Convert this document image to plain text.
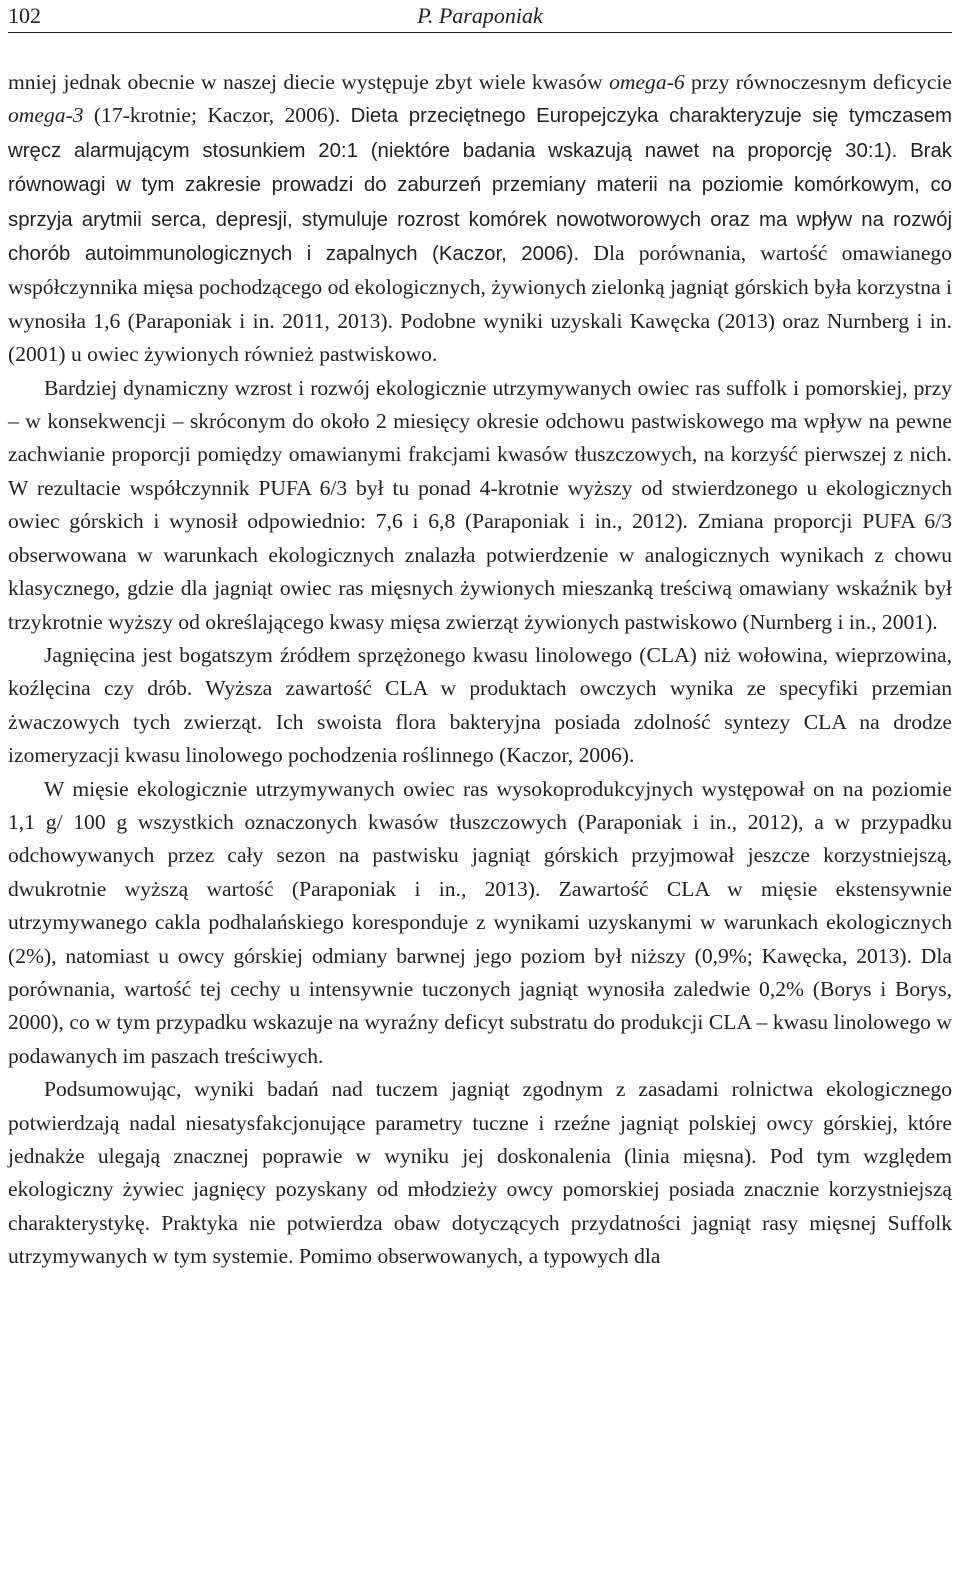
102	P. Paraponiak

mniej jednak obecnie w naszej diecie występuje zbyt wiele kwasów omega-6 przy równoczesnym deficycie omega-3 (17-krotnie; Kaczor, 2006). Dieta przeciętnego Europejczyka charakteryzuje się tymczasem wręcz alarmującym stosunkiem 20:1 (niektóre badania wskazują nawet na proporcję 30:1). Brak równowagi w tym zakresie prowadzi do zaburzeń przemiany materii na poziomie komórkowym, co sprzyja arytmii serca, depresji, stymuluje rozrost komórek nowotworowych oraz ma wpływ na rozwój chorób autoimmunologicznych i zapalnych (Kaczor, 2006). Dla porównania, wartość omawianego współczynnika mięsa pochodzącego od ekologicznych, żywionych zielonką jagniąt górskich była korzystna i wynosiła 1,6 (Paraponiak i in. 2011, 2013). Podobne wyniki uzyskali Kawęcka (2013) oraz Nurnberg i in. (2001) u owiec żywionych również pastwiskowo.

Bardziej dynamiczny wzrost i rozwój ekologicznie utrzymywanych owiec ras suffolk i pomorskiej, przy – w konsekwencji – skróconym do około 2 miesięcy okresie odchowu pastwiskowego ma wpływ na pewne zachwianie proporcji pomiędzy omawianymi frakcjami kwasów tłuszczowych, na korzyść pierwszej z nich. W rezultacie współczynnik PUFA 6/3 był tu ponad 4-krotnie wyższy od stwierdzonego u ekologicznych owiec górskich i wynosił odpowiednio: 7,6 i 6,8 (Paraponiak i in., 2012). Zmiana proporcji PUFA 6/3 obserwowana w warunkach ekologicznych znalazła potwierdzenie w analogicznych wynikach z chowu klasycznego, gdzie dla jagniąt owiec ras mięsnych żywionych mieszanką treściwą omawiany wskaźnik był trzykrotnie wyższy od określającego kwasy mięsa zwierząt żywionych pastwiskowo (Nurnberg i in., 2001).

Jagnięcina jest bogatszym źródłem sprzężonego kwasu linolowego (CLA) niż wołowina, wieprzowina, koźlęcina czy drób. Wyższa zawartość CLA w produktach owczych wynika ze specyfiki przemian żwaczowych tych zwierząt. Ich swoista flora bakteryjna posiada zdolność syntezy CLA na drodze izomeryzacji kwasu linolowego pochodzenia roślinnego (Kaczor, 2006).

W mięsie ekologicznie utrzymywanych owiec ras wysokoprodukcyjnych występował on na poziomie 1,1 g/ 100 g wszystkich oznaczonych kwasów tłuszczowych (Paraponiak i in., 2012), a w przypadku odchowywanych przez cały sezon na pastwisku jagniąt górskich przyjmował jeszcze korzystniejszą, dwukrotnie wyższą wartość (Paraponiak i in., 2013). Zawartość CLA w mięsie ekstensywnie utrzymywanego cakla podhalańskiego koresponduje z wynikami uzyskanymi w warunkach ekologicznych (2%), natomiast u owcy górskiej odmiany barwnej jego poziom był niższy (0,9%; Kawęcka, 2013). Dla porównania, wartość tej cechy u intensywnie tuczonych jagniąt wynosiła zaledwie 0,2% (Borys i Borys, 2000), co w tym przypadku wskazuje na wyraźny deficyt substratu do produkcji CLA – kwasu linolowego w podawanych im paszach treściwych.

Podsumowując, wyniki badań nad tuczem jagniąt zgodnym z zasadami rolnictwa ekologicznego potwierdzają nadal niesatysfakcjonujące parametry tuczne i rzeźne jagniąt polskiej owcy górskiej, które jednakże ulegają znacznej poprawie w wyniku jej doskonalenia (linia mięsna). Pod tym względem ekologiczny żywiec jagnięcy pozyskany od młodzieży owcy pomorskiej posiada znacznie korzystniejszą charakterystykę. Praktyka nie potwierdza obaw dotyczących przydatności jagniąt rasy mięsnej Suffolk utrzymywanych w tym systemie. Pomimo obserwowanych, a typowych dla
